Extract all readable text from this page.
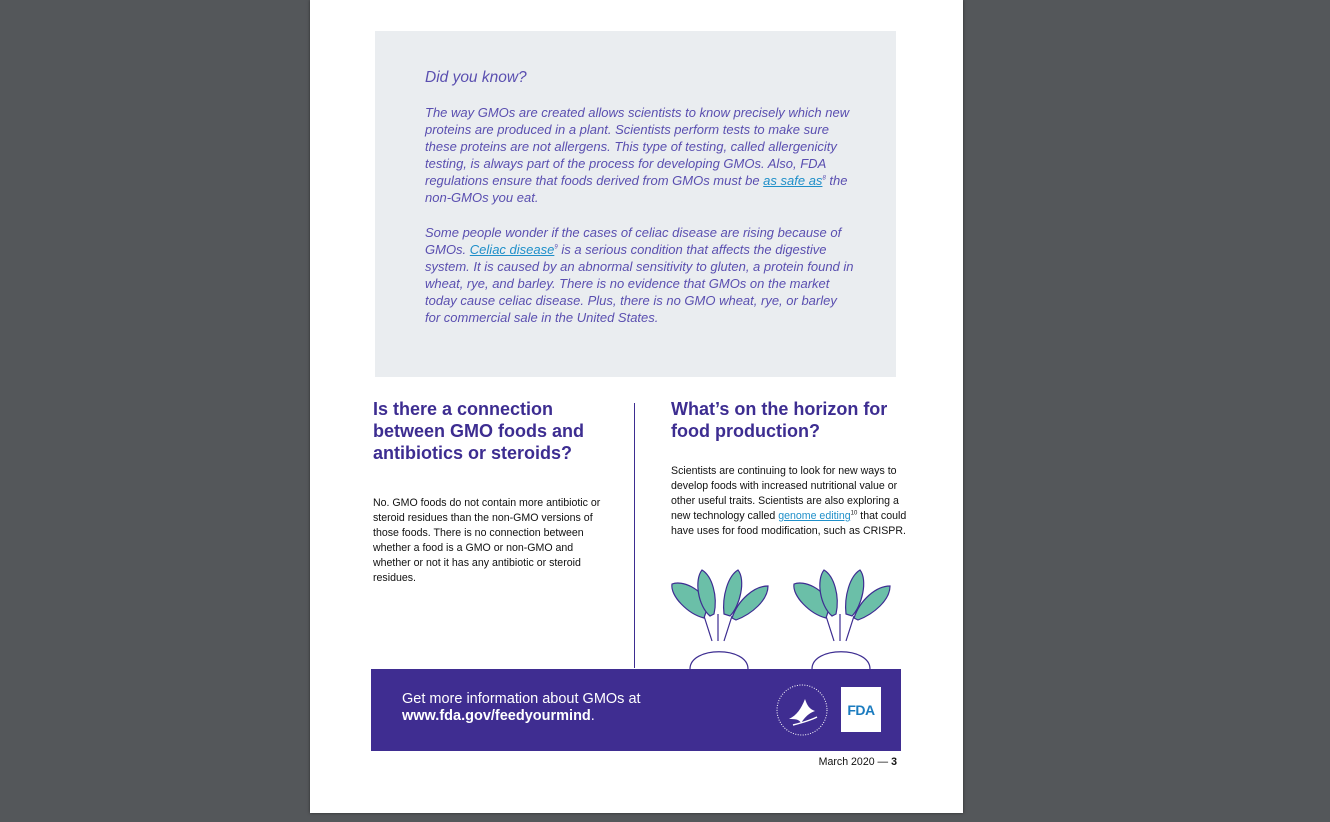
Did you know?

The way GMOs are created allows scientists to know precisely which new proteins are produced in a plant. Scientists perform tests to make sure these proteins are not allergens. This type of testing, called allergenicity testing, is always part of the process for developing GMOs. Also, FDA regulations ensure that foods derived from GMOs must be as safe $as^8$ the non-GMOs you eat.

Some people wonder if the cases of celiac disease are rising because of GMOs. Celiac disease$^9$ is a serious condition that affects the digestive system. It is caused by an abnormal sensitivity to gluten, a protein found in wheat, rye, and barley. There is no evidence that GMOs on the market today cause celiac disease. Plus, there is no GMO wheat, rye, or barley for commercial sale in the United States.

Is there a connection between GMO foods and antibiotics or steroids?

No. GMO foods do not contain more antibiotic or steroid residues than the non-GMO versions of those foods. There is no connection between whether a food is a GMO or non-GMO and whether or not it has any antibiotic or steroid residues.

What’s on the horizon for food production?

Scientists are continuing to look for new ways to develop foods with increased nutritional value or other useful traits. Scientists are also exploring a new technology called genome editing$^{10}$ that could have uses for food modification, such as CRISPR.

Get more information about GMOs at
www.fda.gov/feedyourmind.	FDA
March 2020 — 3
